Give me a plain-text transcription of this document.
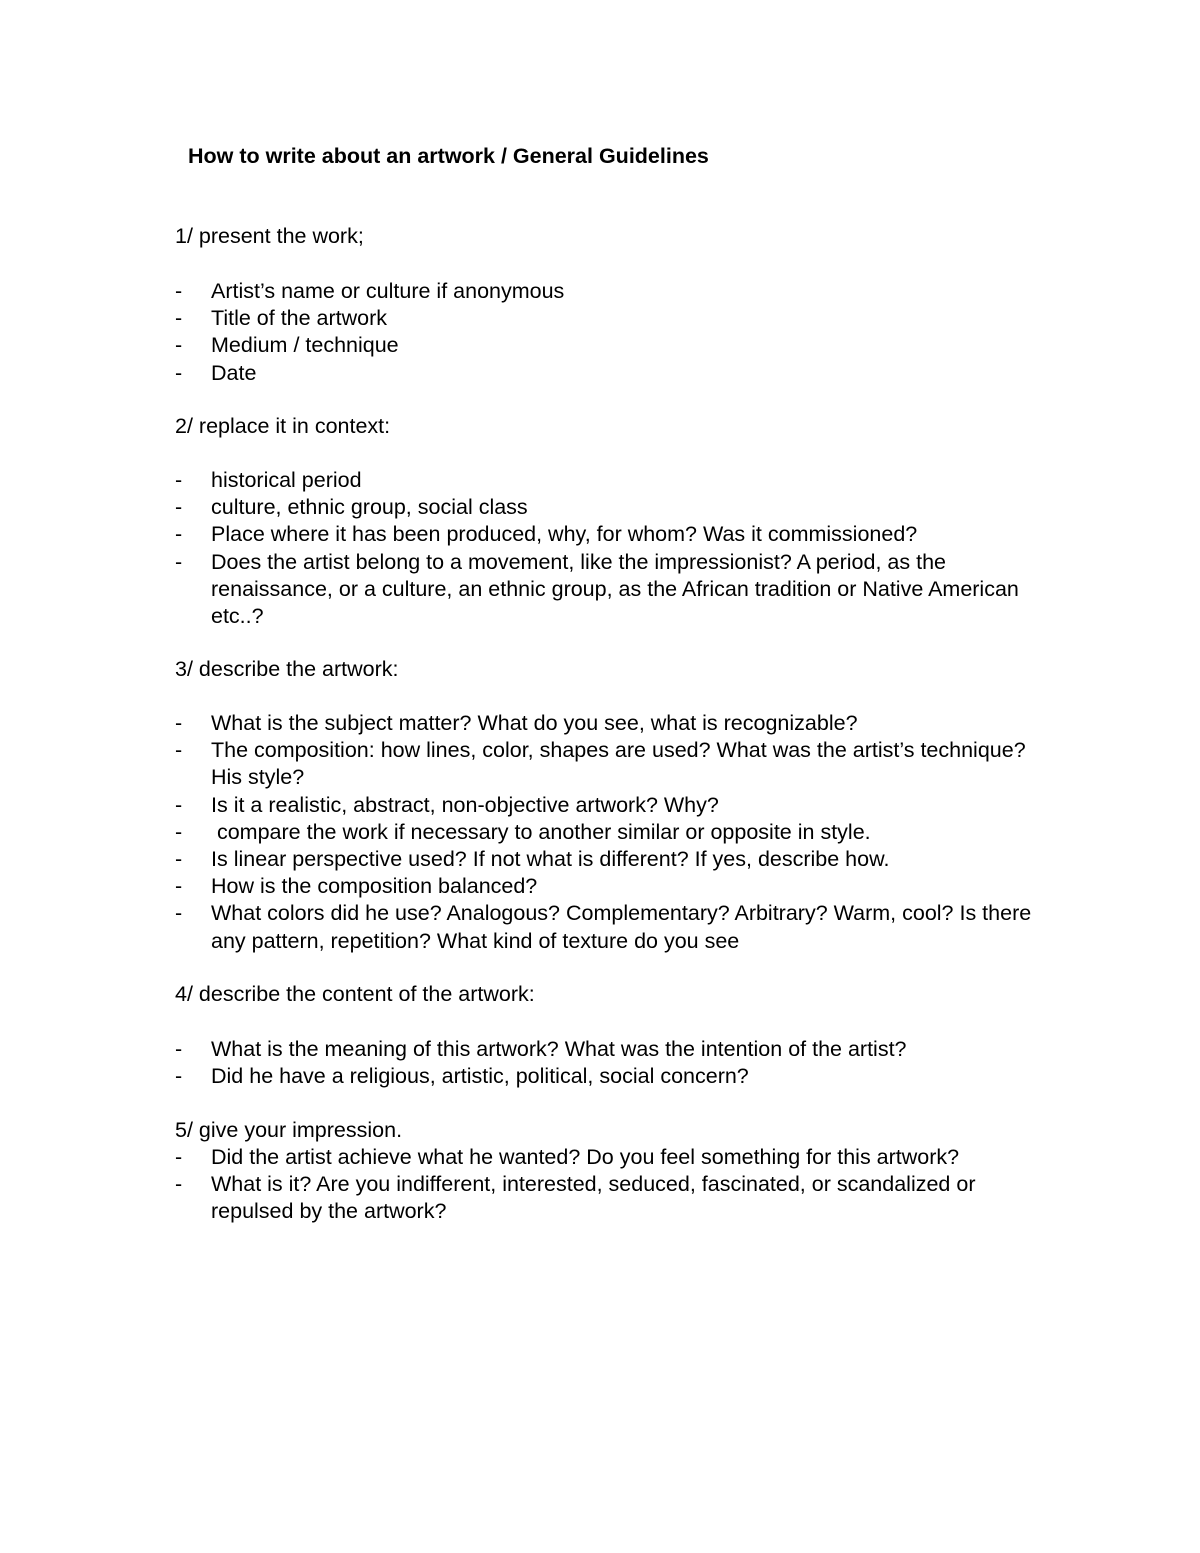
How to write about an artwork / General Guidelines
1/ present the work;
- Artist’s name or culture if anonymous
- Title of the artwork
- Medium / technique
- Date
2/ replace it in context:
- historical period
- culture, ethnic group, social class
- Place where it has been produced, why, for whom? Was it commissioned?
- Does the artist belong to a movement, like the impressionist? A period, as the renaissance, or a culture, an ethnic group, as the African tradition or Native American etc..?
3/ describe the artwork:
- What is the subject matter? What do you see, what is recognizable?
- The composition: how lines, color, shapes are used? What was the artist’s technique? His style?
- Is it a realistic, abstract, non-objective artwork? Why?
- compare the work if necessary to another similar or opposite in style.
- Is linear perspective used? If not what is different? If yes, describe how.
- How is the composition balanced?
- What colors did he use? Analogous? Complementary? Arbitrary? Warm, cool? Is there any pattern, repetition? What kind of texture do you see
4/ describe the content of the artwork:
- What is the meaning of this artwork? What was the intention of the artist?
- Did he have a religious, artistic, political, social concern?
5/ give your impression.
- Did the artist achieve what he wanted? Do you feel something for this artwork?
- What is it? Are you indifferent, interested, seduced, fascinated, or scandalized or repulsed by the artwork?
